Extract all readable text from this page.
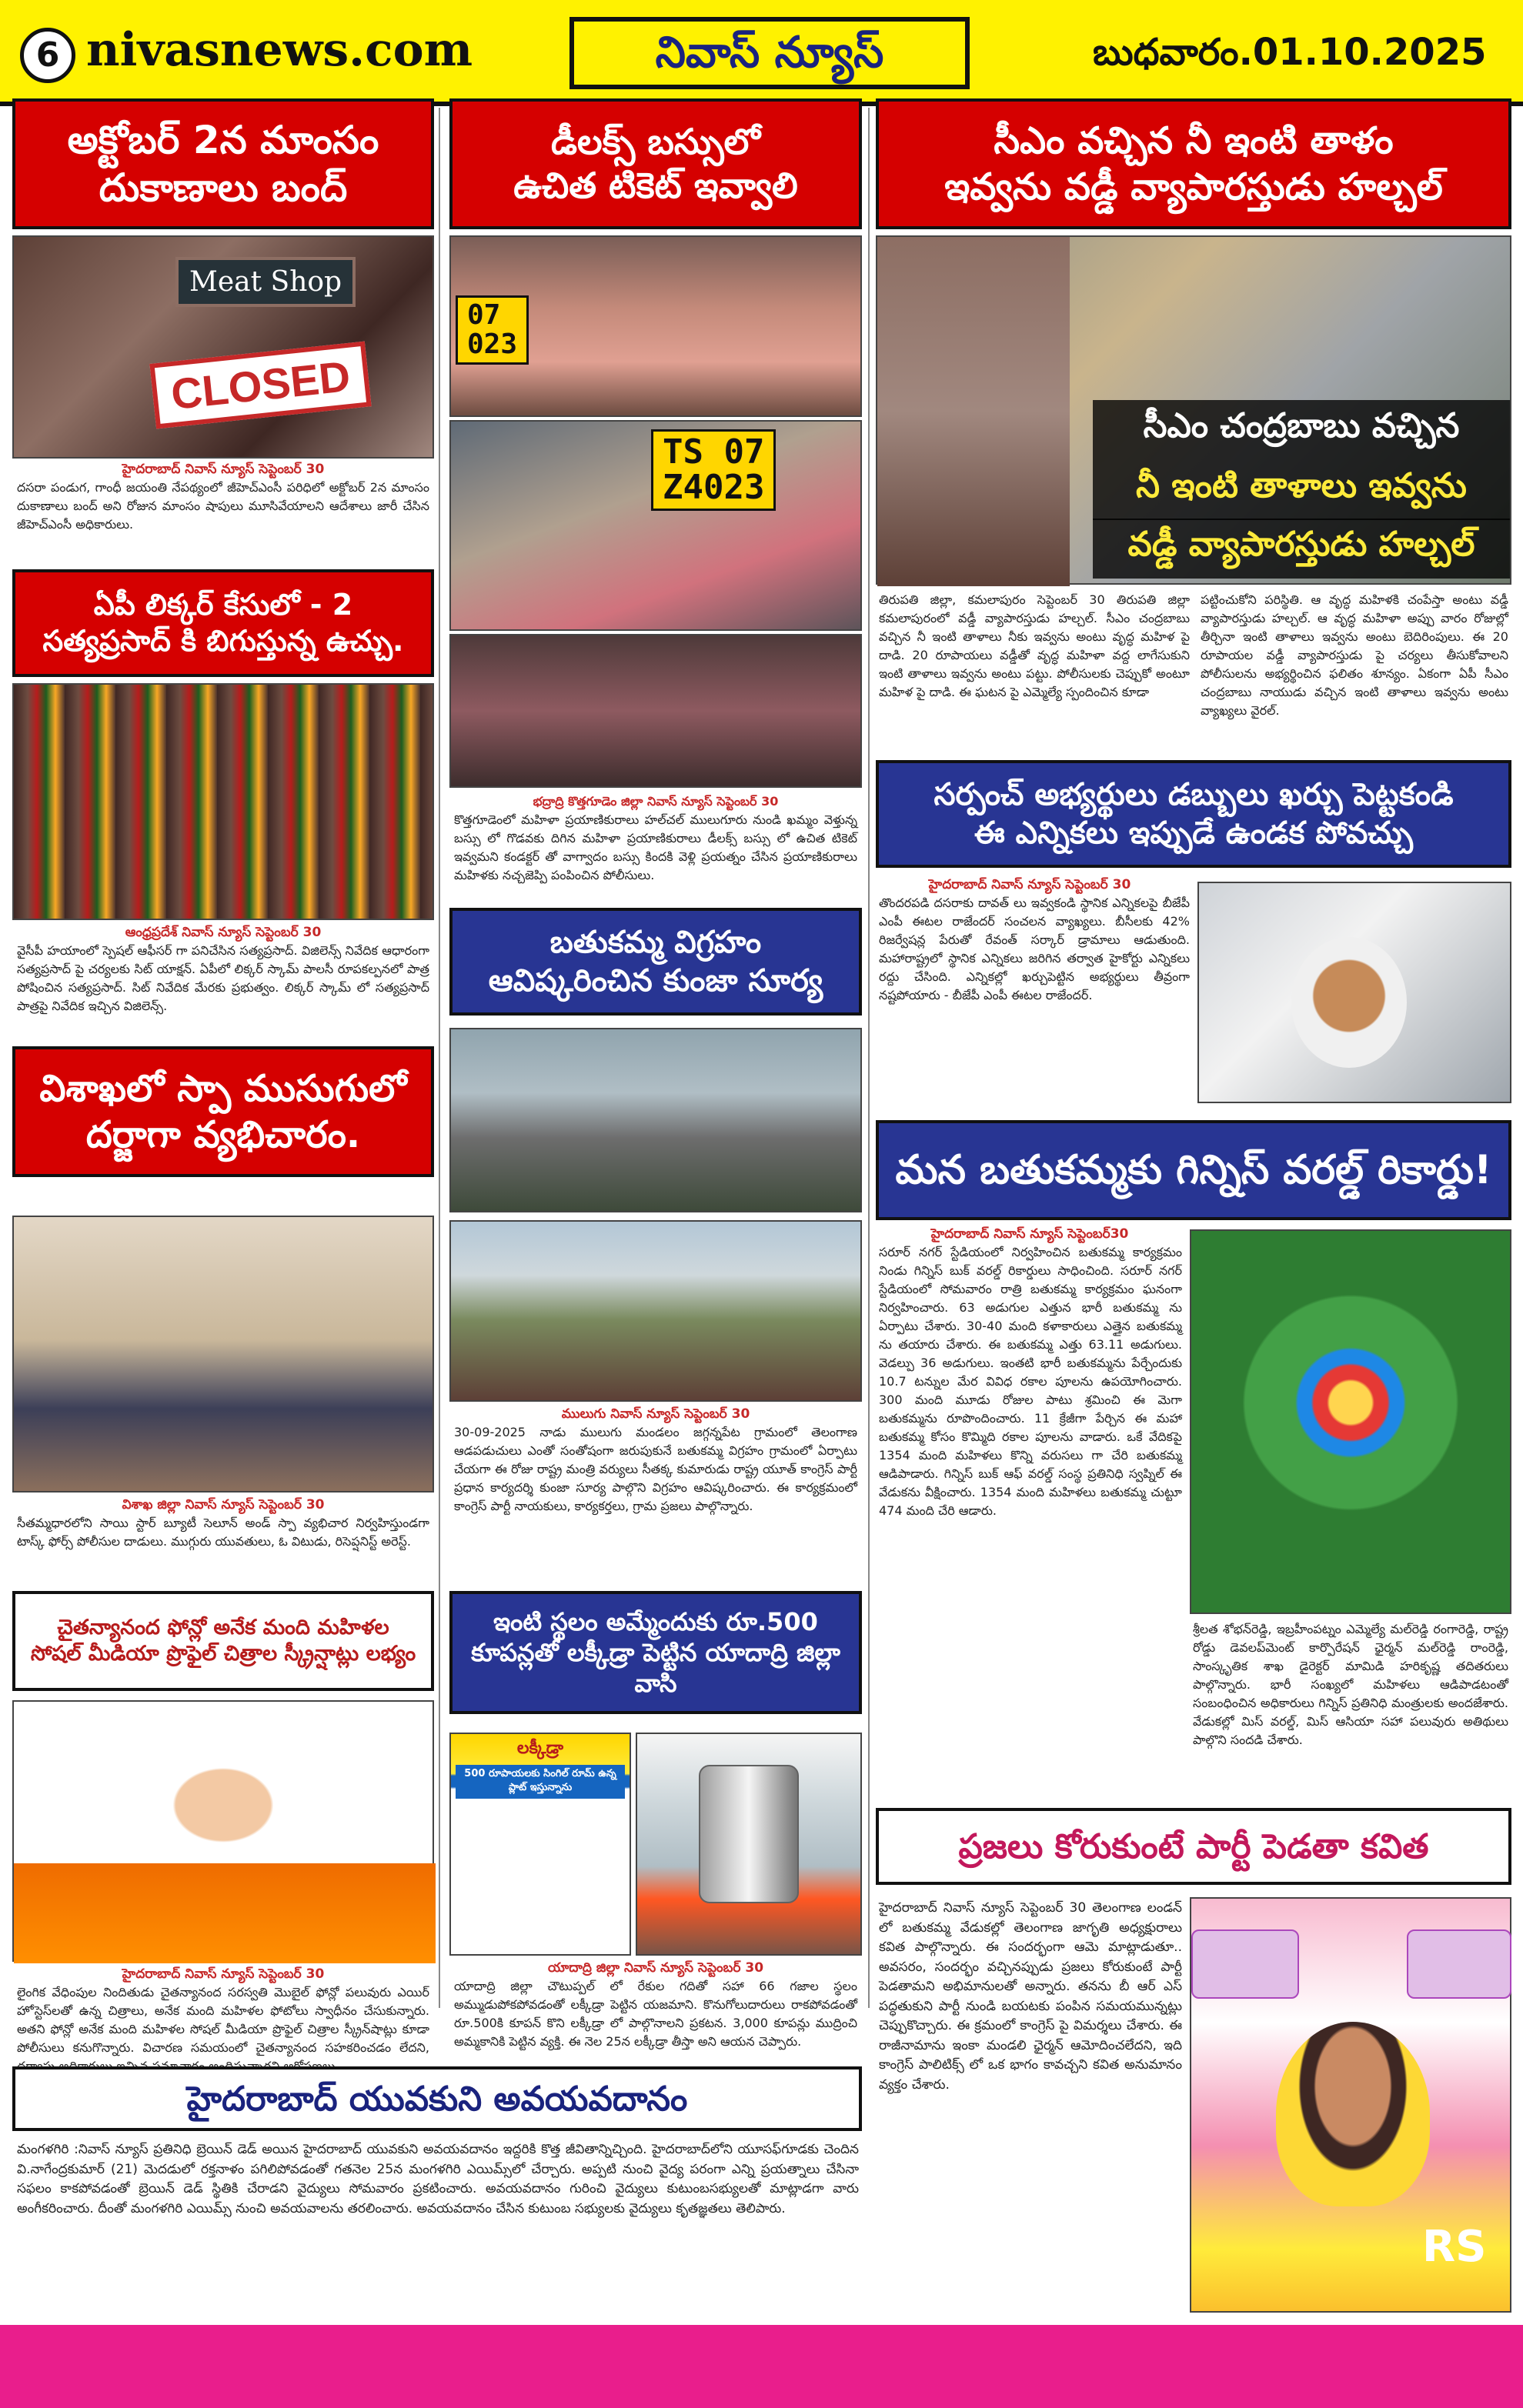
6 nivasnews.com	నివాస్ న్యూస్	బుధవారం.01.10.2025
అక్టోబర్ 2న మాంసం
దుకాణాలు బంద్
Meat Shop
CLOSED
హైదరాబాద్ నివాస్ న్యూస్ సెప్టెంబర్ 30
దసరా పండుగ, గాంధీ జయంతి నేపథ్యంలో జీహెచ్ఎంసీ పరిధిలో అక్టోబర్ 2న మాంసం దుకాణాలు బంద్ అని రోజున మాంసం షాపులు మూసివేయాలని ఆదేశాలు జారీ చేసిన జీహెచ్ఎంసీ అధికారులు.
ఏపీ లిక్కర్ కేసులో - 2
సత్యప్రసాద్ కి బిగుస్తున్న ఉచ్చు.
ఆంధ్రప్రదేశ్ నివాస్ న్యూస్ సెప్టెంబర్ 30
వైసీపీ హయాంలో స్పెషల్ ఆఫీసర్ గా పనిచేసిన సత్యప్రసాద్. విజిలెన్స్ నివేదిక ఆధారంగా సత్యప్రసాద్ పై చర్యలకు సిట్ యాక్షన్. ఏపీలో లిక్కర్ స్కామ్ పాలసీ రూపకల్పనలో పాత్ర పోషించిన సత్యప్రసాద్. సిట్ నివేదిక మేరకు ప్రభుత్వం. లిక్కర్ స్కామ్ లో సత్యప్రసాద్ పాత్రపై నివేదిక ఇచ్చిన విజిలెన్స్.
విశాఖలో స్పా ముసుగులో
దర్జాగా వ్యభిచారం.
విశాఖ జిల్లా నివాస్ న్యూస్ సెప్టెంబర్ 30
సీతమ్మధారలోని సాయి స్టార్ బ్యూటీ సెలూన్ అండ్ స్పా వ్యభిచార నిర్వహిస్తుండగా టాస్క్ ఫోర్స్ పోలీసుల దాడులు. ముగ్గురు యువతులు, ఓ విటుడు, రిసెప్షనిస్ట్ అరెస్ట్.
చైతన్యానంద ఫోన్లో అనేక మంది మహిళల
సోషల్ మీడియా ప్రొఫైల్ చిత్రాల స్క్రీన్షాట్లు లభ్యం
హైదరాబాద్ నివాస్ న్యూస్ సెప్టెంబర్ 30
లైంగిక వేధింపుల నిందితుడు చైతన్యానంద సరస్వతి మొబైల్ ఫోన్లో పలువురు ఎయిర్ హోస్టెస్‌లతో ఉన్న చిత్రాలు, అనేక మంది మహిళల ఫోటోలు స్వాధీనం చేసుకున్నారు. అతని ఫోన్లో అనేక మంది మహిళల సోషల్ మీడియా ప్రొఫైల్ చిత్రాల స్క్రీన్‌షాట్లు కూడా పోలీసులు కనుగొన్నారు. విచారణ సమయంలో చైతన్యానంద సహకరించడం లేదని,
డీలక్స్ బస్సులో
ఉచిత టికెట్ ఇవ్వాలి
07
023
TS 07
Z4023
భద్రాద్రి కొత్తగూడెం జిల్లా నివాస్ న్యూస్ సెప్టెంబర్ 30
కొత్తగూడెంలో మహిళా ప్రయాణికురాలు హల్‌చల్ ములుగూరు నుండి ఖమ్మం వెళ్తున్న బస్సు లో గొడవకు దిగిన మహిళా ప్రయాణికురాలు డీలక్స్ బస్సు లో ఉచిత టికెట్ ఇవ్వమని కండక్టర్ తో వాగ్వాదం బస్సు కిందకి వెళ్లి ప్రయత్నం చేసిన ప్రయాణికురాలు మహిళకు నచ్చజెప్పి పంపించిన పోలీసులు.
బతుకమ్మ విగ్రహం
ఆవిష్కరించిన కుంజా సూర్య
ములుగు నివాస్ న్యూస్ సెప్టెంబర్ 30
30-09-2025 నాడు ములుగు మండలం జగ్గన్నపేట గ్రామంలో తెలంగాణ ఆడపడుచులు ఎంతో సంతోషంగా జరుపుకునే బతుకమ్మ విగ్రహం గ్రామంలో ఏర్పాటు చేయగా ఈ రోజు రాష్ట్ర మంత్రి వర్యులు సీతక్క కుమారుడు రాష్ట్ర యూత్ కాంగ్రెస్ పార్టీ ప్రధాన కార్యదర్శి కుంజా సూర్య పాల్గొని విగ్రహం ఆవిష్కరించారు. ఈ కార్యక్రమంలో కాంగ్రెస్ పార్టీ నాయకులు, కార్యకర్తలు, గ్రామ ప్రజలు పాల్గొన్నారు.
ఇంటి స్థలం అమ్మేందుకు రూ.500
కూపన్లతో లక్కీడ్రా పెట్టిన యాదాద్రి జిల్లా వాసి
లక్కీడ్రా
500 రూపాయలకు సింగిల్ రూమ్ ఉన్న ప్లాట్ ఇస్తున్నాను
యాదాద్రి జిల్లా నివాస్ న్యూస్ సెప్టెంబర్ 30
యాదాద్రి జిల్లా చౌటుప్పల్ లో రేకుల గదితో సహా 66 గజాల స్థలం అమ్ముడుపోకపోవడంతో లక్కీడ్రా పెట్టిన యజమాని. కొనుగోలుదారులు రాకపోవడంతో రూ.500కి కూపన్ కొని లక్కీడ్రా లో పాల్గొనాలని ప్రకటన. 3,000 కూపన్లు ముద్రించి అమ్మకానికి పెట్టిన వ్యక్తి. ఈ నెల 25న లక్కీడ్రా తీస్తా అని ఆయన చెప్పారు.
సీఎం వచ్చిన నీ ఇంటి తాళం
ఇవ్వను వడ్డీ వ్యాపారస్తుడు హల్చల్
సీఎం చంద్రబాబు వచ్చిన
నీ ఇంటి తాళాలు ఇవ్వను
వడ్డీ వ్యాపారస్తుడు హల్చల్
తిరుపతి జిల్లా, కమలాపురం సెప్టెంబర్ 30 తిరుపతి జిల్లా కమలాపురంలో వడ్డీ వ్యాపారస్తుడు హల్చల్. సీఎం చంద్రబాబు వచ్చిన నీ ఇంటి తాళాలు నీకు ఇవ్వను అంటు వృద్ధ మహిళ పై దాడి. 20 రూపాయలు వడ్డీతో వృద్ధ మహిళా వద్ద లాగేసుకుని ఇంటి తాళాలు ఇవ్వను అంటు పట్టు. పోలీసులకు చెప్పుకో అంటూ మహిళ పై దాడి. ఈ ఘటన పై ఎమ్మెల్యే స్పందించిన కూడా
పట్టించుకోని పరిస్థితి. ఆ వృద్ధ మహిళకి చంపేస్తా అంటు వడ్డీ వ్యాపారస్తుడు హల్చల్. ఆ వృద్ధ మహిళా అప్పు వారం రోజుల్లో తీర్చినా ఇంటి తాళాలు ఇవ్వను అంటు బెదిరింపులు. ఈ 20 రూపాయల వడ్డీ వ్యాపారస్తుడు పై చర్యలు తీసుకోవాలని పోలీసులను అభ్యర్థించిన ఫలితం శూన్యం. ఏకంగా ఏపీ సీఎం చంద్రబాబు నాయుడు వచ్చిన ఇంటి తాళాలు ఇవ్వను అంటు వ్యాఖ్యలు వైరల్.
సర్పంచ్ అభ్యర్థులు డబ్బులు ఖర్చు పెట్టకండి
ఈ ఎన్నికలు ఇప్పుడే ఉండక పోవచ్చు
హైదరాబాద్ నివాస్ న్యూస్ సెప్టెంబర్ 30
తొందరపడి దసరాకు దావత్ లు ఇవ్వకండి స్థానిక ఎన్నికలపై బీజేపీ ఎంపీ ఈటల రాజేందర్ సంచలన వ్యాఖ్యలు. బీసీలకు 42% రిజర్వేషన్ల పేరుతో రేవంత్ సర్కార్ డ్రామాలు ఆడుతుంది. మహారాష్ట్రలో స్థానిక ఎన్నికలు జరిగిన తర్వాత హైకోర్టు ఎన్నికలు రద్దు చేసింది. ఎన్నికల్లో ఖర్చుపెట్టిన అభ్యర్థులు తీవ్రంగా నష్టపోయారు - బీజేపీ ఎంపీ ఈటల రాజేందర్.
మన బతుకమ్మకు గిన్నిస్ వరల్డ్ రికార్డు!
హైదరాబాద్ నివాస్ న్యూస్ సెప్టెంబర్30
సరూర్ నగర్ స్టేడియంలో నిర్వహించిన బతుకమ్మ కార్యక్రమం నిండు గిన్నిస్ బుక్ వరల్డ్ రికార్డులు సాధించింది. సరూర్ నగర్ స్టేడియంలో సోమవారం రాత్రి బతుకమ్మ కార్యక్రమం ఘనంగా నిర్వహించారు. 63 అడుగుల ఎత్తున భారీ బతుకమ్మ ను ఏర్పాటు చేశారు. 30-40 మంది కళాకారులు ఎత్తైన బతుకమ్మ ను తయారు చేశారు. ఈ బతుకమ్మ ఎత్తు 63.11 అడుగులు. వెడల్పు 36 అడుగులు. ఇంతటి భారీ బతుకమ్మను పేర్చేందుకు 10.7 టన్నుల మేర వివిధ రకాల పూలను ఉపయోగించారు. 300 మంది మూడు రోజుల పాటు శ్రమించి ఈ మెగా బతుకమ్మను రూపొందించారు. 11 క్రేజీగా పేర్చిన ఈ మహా బతుకమ్మ కోసం కొమ్మిది రకాల పూలను వాడారు. ఒకే వేదికపై 1354 మంది మహిళలు కొన్ని వరుసలు గా చేరి బతుకమ్మ ఆడిపాడారు. గిన్నిస్ బుక్ ఆఫ్ వరల్డ్ సంస్థ ప్రతినిధి స్వప్నిల్ ఈ వేడుకను వీక్షించారు. 1354 మంది మహిళలు బతుకమ్మ చుట్టూ 474 మంది చేరి ఆడారు.
శ్రీలత శోభన్‌రెడ్డి, ఇబ్రహీంపట్నం ఎమ్మెల్యే మల్‌రెడ్డి రంగారెడ్డి, రాష్ట్ర రోడ్డు డెవలప్‌మెంట్ కార్పొరేషన్ ఛైర్మన్ మల్‌రెడ్డి రాంరెడ్డి, సాంస్కృతిక శాఖ డైరెక్టర్ మామిడి హరికృష్ణ తదితరులు పాల్గొన్నారు. భారీ సంఖ్యలో మహిళలు ఆడిపాడటంతో సంబంధించిన అధికారులు గిన్నిస్ ప్రతినిధి మంత్రులకు అందజేశారు. వేడుకల్లో మిస్ వరల్డ్, మిస్ ఆసియా సహా పలువురు అతిథులు పాల్గొని సందడి చేశారు.
ప్రజలు కోరుకుంటే పార్టీ పెడతా కవిత
హైదరాబాద్ నివాస్ న్యూస్ సెప్టెంబర్ 30 తెలంగాణ లండన్ లో బతుకమ్మ వేడుకల్లో తెలంగాణ జాగృతి అధ్యక్షురాలు కవిత పాల్గొన్నారు. ఈ సందర్భంగా ఆమె మాట్లాడుతూ.. అవసరం, సందర్భం వచ్చినప్పుడు ప్రజలు కోరుకుంటే పార్టీ పెడతామని అభిమానులతో అన్నారు. తనను బీ ఆర్ ఎస్ పద్ధతుకుని పార్టీ నుండి బయటకు పంపిన సమయమున్నట్లు చెప్పుకొచ్చారు. ఈ క్రమంలో కాంగ్రెస్ పై విమర్శలు చేశారు. ఈ రాజీనామాను ఇంకా మండలి ఛైర్మన్ ఆమోదించలేదని, ఇది కాంగ్రెస్ పాలిటిక్స్ లో ఒక భాగం కావచ్చని కవిత అనుమానం వ్యక్తం చేశారు.
RS
హైదరాబాద్ యువకుని అవయవదానం
మంగళగిరి :నివాస్ న్యూస్ ప్రతినిధి బ్రెయిన్ డెడ్ అయిన హైదరాబాద్ యువకుని అవయవదానం ఇద్దరికి కొత్త జీవితాన్నిచ్చింది. హైదరాబాద్‌లోని యూసఫ్‌గూడకు చెందిన వి.నాగేంద్రకుమార్ (21) మెదడులో రక్తనాళం పగిలిపోవడంతో గతనెల 25న మంగళగిరి ఎయిమ్స్‌లో చేర్చారు. అప్పటి నుంచి వైద్య పరంగా ఎన్ని ప్రయత్నాలు చేసినా సఫలం కాకపోవడంతో బ్రెయిన్ డెడ్ స్థితికి చేరాడని వైద్యులు సోమవారం ప్రకటించారు. అవయవదానం గురించి వైద్యులు కుటుంబసభ్యులతో మాట్లాడగా వారు అంగీకరించారు. దీంతో మంగళగిరి ఎయిమ్స్ నుంచి అవయవాలను తరలించారు. అవయవదానం చేసిన కుటుంబ సభ్యులకు వైద్యులు కృతజ్ఞతలు తెలిపారు.
